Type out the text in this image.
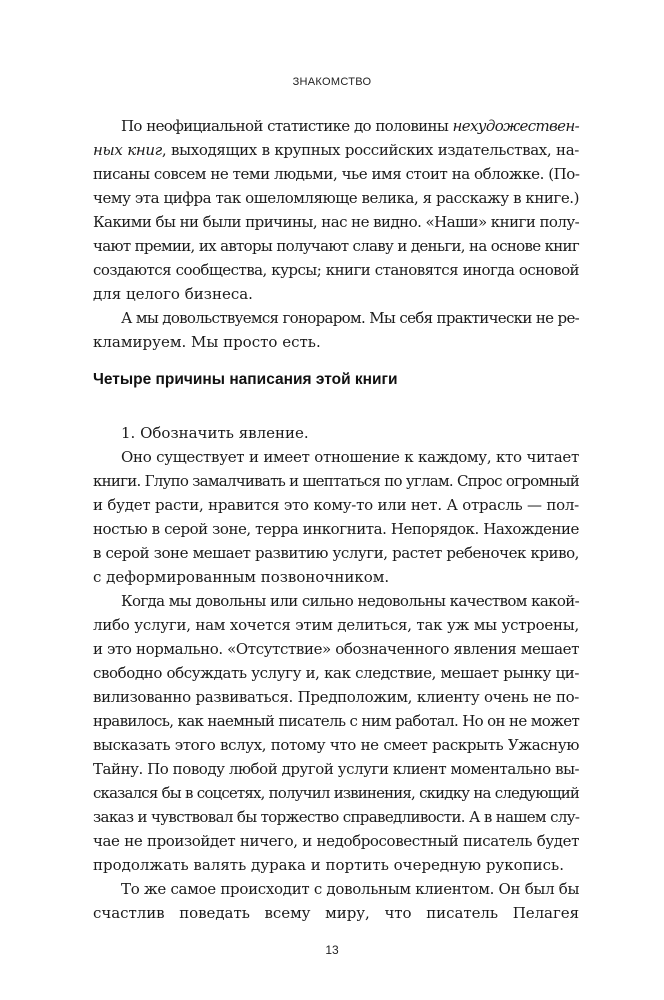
ЗНАКОМСТВО
По неофициальной статистике до половины нехудожествен-
ных книг, выходящих в крупных российских издательствах, на-
писаны совсем не теми людьми, чье имя стоит на обложке. (По-
чему эта цифра так ошеломляюще велика, я расскажу в книге.)
Какими бы ни были причины, нас не видно. «Наши» книги полу-
чают премии, их авторы получают славу и деньги, на основе книг
создаются сообщества, курсы; книги становятся иногда основой
для целого бизнеса.
А мы довольствуемся гонораром. Мы себя практически не ре-
кламируем. Мы просто есть.
Четыре причины написания этой книги
1. Обозначить явление.
Оно существует и имеет отношение к каждому, кто читает
книги. Глупо замалчивать и шептаться по углам. Спрос огромный
и будет расти, нравится это кому-то или нет. А отрасль — пол-
ностью в серой зоне, терра инкогнита. Непорядок. Нахождение
в серой зоне мешает развитию услуги, растет ребеночек криво,
с деформированным позвоночником.
Когда мы довольны или сильно недовольны качеством какой-
либо услуги, нам хочется этим делиться, так уж мы устроены,
и это нормально. «Отсутствие» обозначенного явления мешает
свободно обсуждать услугу и, как следствие, мешает рынку ци-
вилизованно развиваться. Предположим, клиенту очень не по-
нравилось, как наемный писатель с ним работал. Но он не может
высказать этого вслух, потому что не смеет раскрыть Ужасную
Тайну. По поводу любой другой услуги клиент моментально вы-
сказался бы в соцсетях, получил извинения, скидку на следующий
заказ и чувствовал бы торжество справедливости. А в нашем слу-
чае не произойдет ничего, и недобросовестный писатель будет
продолжать валять дурака и портить очередную рукопись.
То же самое происходит с довольным клиентом. Он был бы
счастлив поведать всему миру, что писатель Пелагея
13
